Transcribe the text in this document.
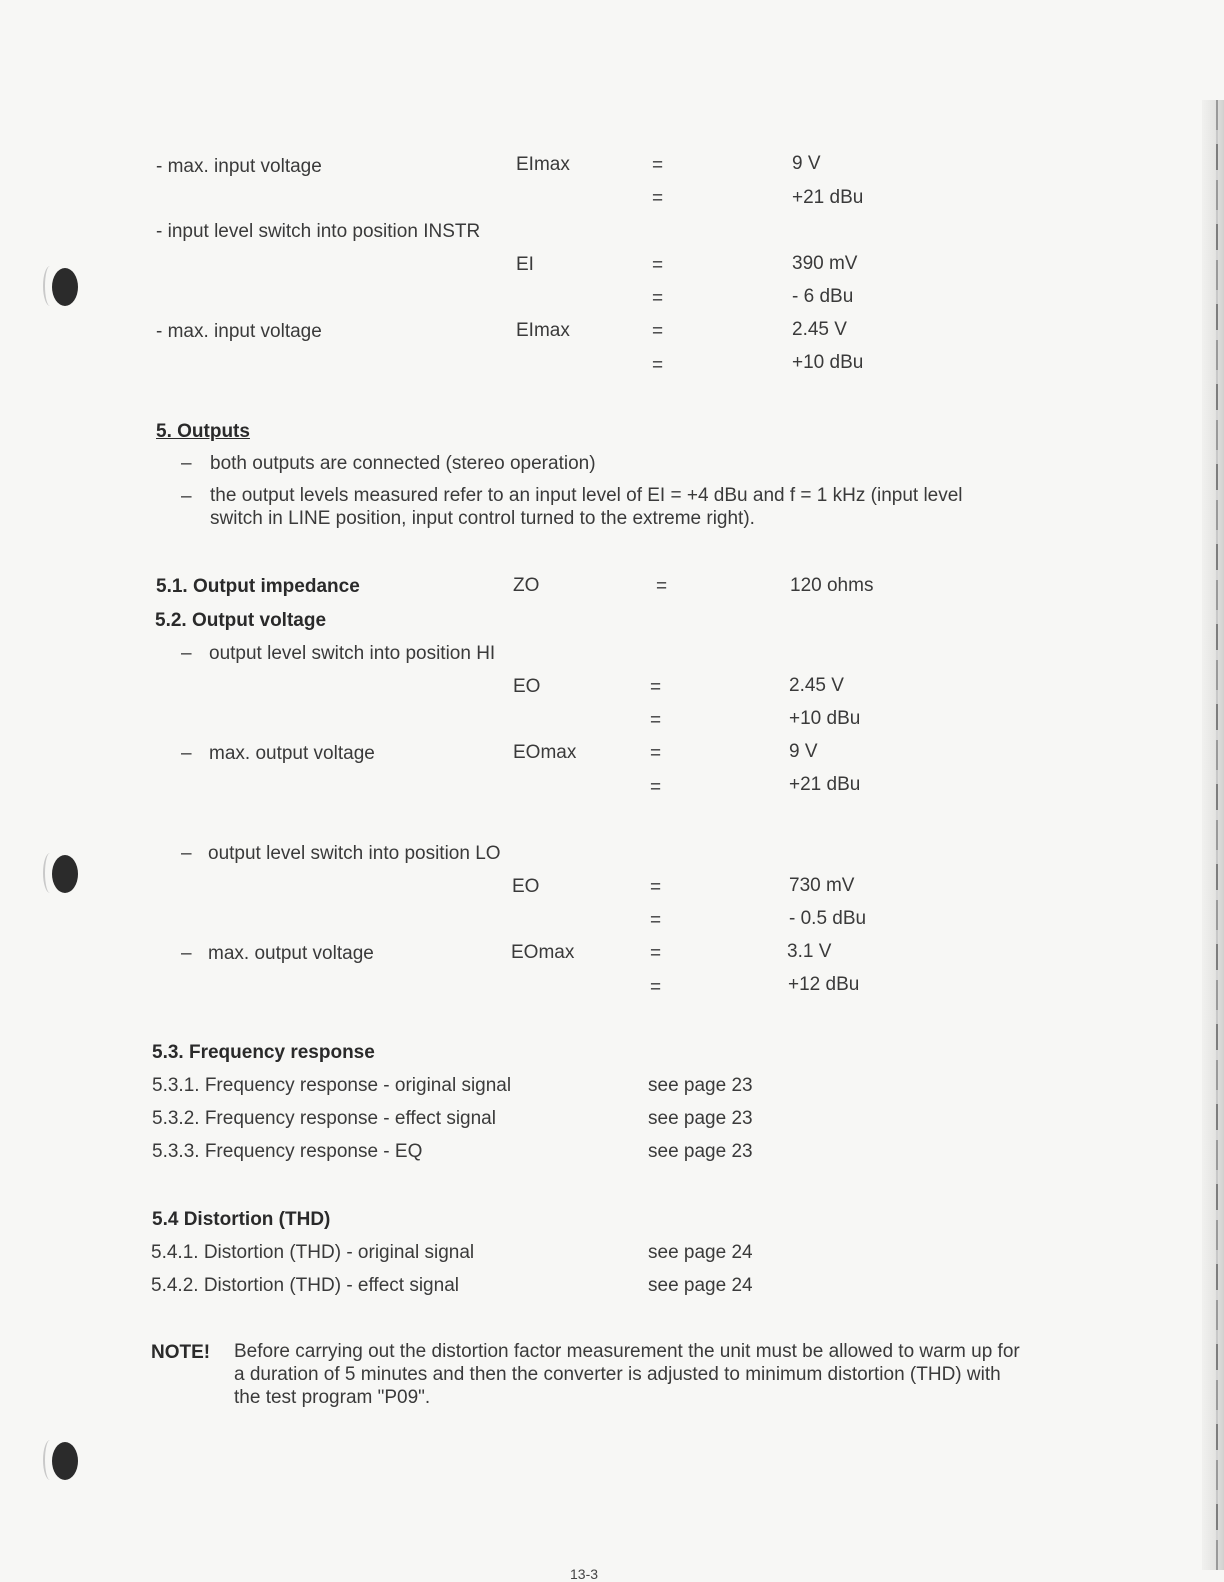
- max. input voltage	EImax	=	9 V
=	+21 dBu
- input level switch into position INSTR
EI	=	390 mV
=	- 6 dBu
- max. input voltage	EImax	=	2.45 V
=	+10 dBu
5. Outputs
– both outputs are connected (stereo operation)
– the output levels measured refer to an input level of EI = +4 dBu and f = 1 kHz (input level
switch in LINE position, input control turned to the extreme right).
5.1. Output impedance	ZO	=	120 ohms
5.2. Output voltage
– output level switch into position HI
EO	=	2.45 V
=	+10 dBu
– max. output voltage	EOmax	=	9 V
=	+21 dBu
– output level switch into position LO
EO	=	730 mV
=	- 0.5 dBu
– max. output voltage	EOmax	=	3.1 V
=	+12 dBu
5.3. Frequency response
5.3.1. Frequency response - original signal	see page 23
5.3.2. Frequency response - effect signal	see page 23
5.3.3. Frequency response - EQ	see page 23
5.4 Distortion (THD)
5.4.1. Distortion (THD) - original signal	see page 24
5.4.2. Distortion (THD) - effect signal	see page 24
NOTE! Before carrying out the distortion factor measurement the unit must be allowed to warm up for
a duration of 5 minutes and then the converter is adjusted to minimum distortion (THD) with
the test program "P09".
13-3
